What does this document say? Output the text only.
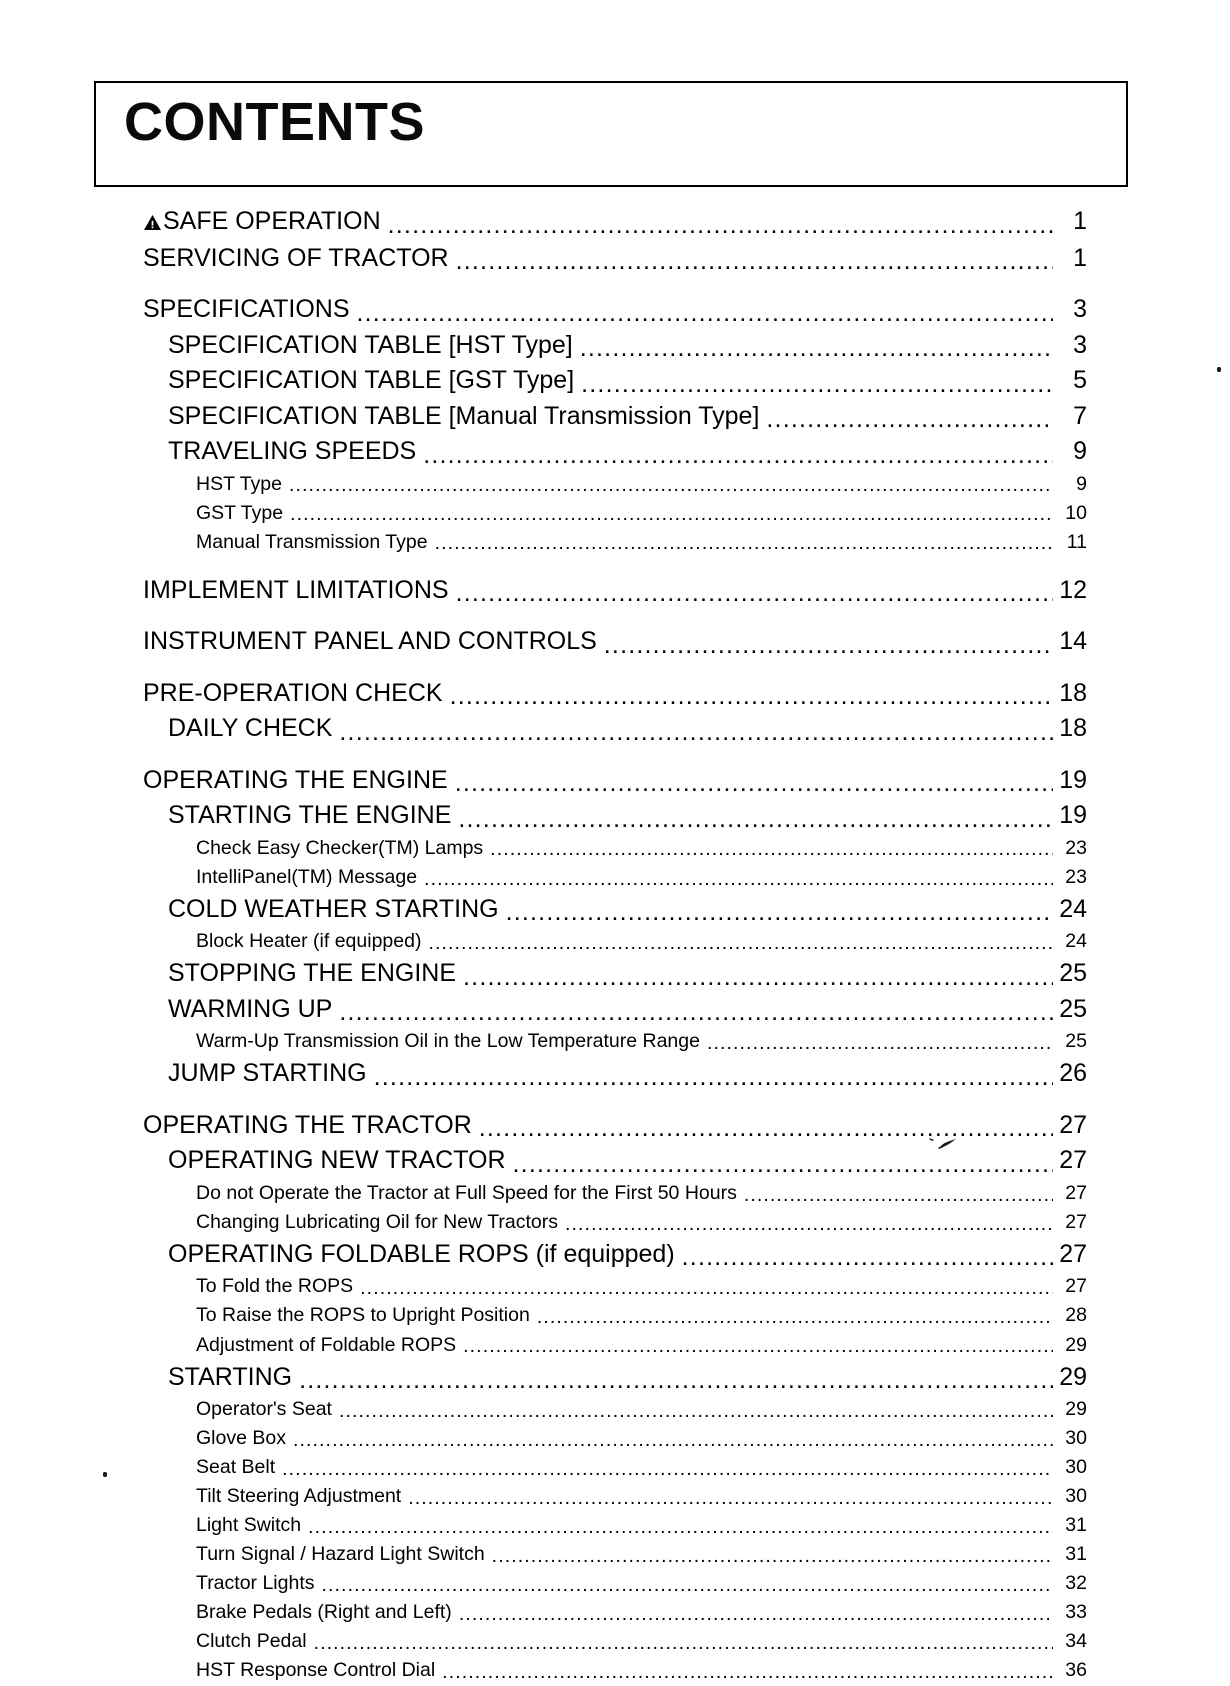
CONTENTS
SAFE OPERATION .....	1
SERVICING OF TRACTOR .....	1
SPECIFICATIONS .....	3
SPECIFICATION TABLE [HST Type] .....	3
SPECIFICATION TABLE [GST Type] .....	5
SPECIFICATION TABLE [Manual Transmission Type] .....	7
TRAVELING SPEEDS .....	9
HST Type .....	9
GST Type .....	10
Manual Transmission Type .....	11
IMPLEMENT LIMITATIONS .....	12
INSTRUMENT PANEL AND CONTROLS .....	14
PRE-OPERATION CHECK .....	18
DAILY CHECK .....	18
OPERATING THE ENGINE .....	19
STARTING THE ENGINE .....	19
Check Easy Checker(TM) Lamps .....	23
IntelliPanel(TM) Message .....	23
COLD WEATHER STARTING .....	24
Block Heater (if equipped) .....	24
STOPPING THE ENGINE .....	25
WARMING UP .....	25
Warm-Up Transmission Oil in the Low Temperature Range .....	25
JUMP STARTING .....	26
OPERATING THE TRACTOR .....	27
OPERATING NEW TRACTOR .....	27
Do not Operate the Tractor at Full Speed for the First 50 Hours .....	27
Changing Lubricating Oil for New Tractors .....	27
OPERATING FOLDABLE ROPS (if equipped) .....	27
To Fold the ROPS .....	27
To Raise the ROPS to Upright Position .....	28
Adjustment of Foldable ROPS .....	29
STARTING .....	29
Operator's Seat .....	29
Glove Box .....	30
Seat Belt .....	30
Tilt Steering Adjustment .....	30
Light Switch .....	31
Turn Signal / Hazard Light Switch .....	31
Tractor Lights .....	32
Brake Pedals (Right and Left) .....	33
Clutch Pedal .....	34
HST Response Control Dial .....	36
